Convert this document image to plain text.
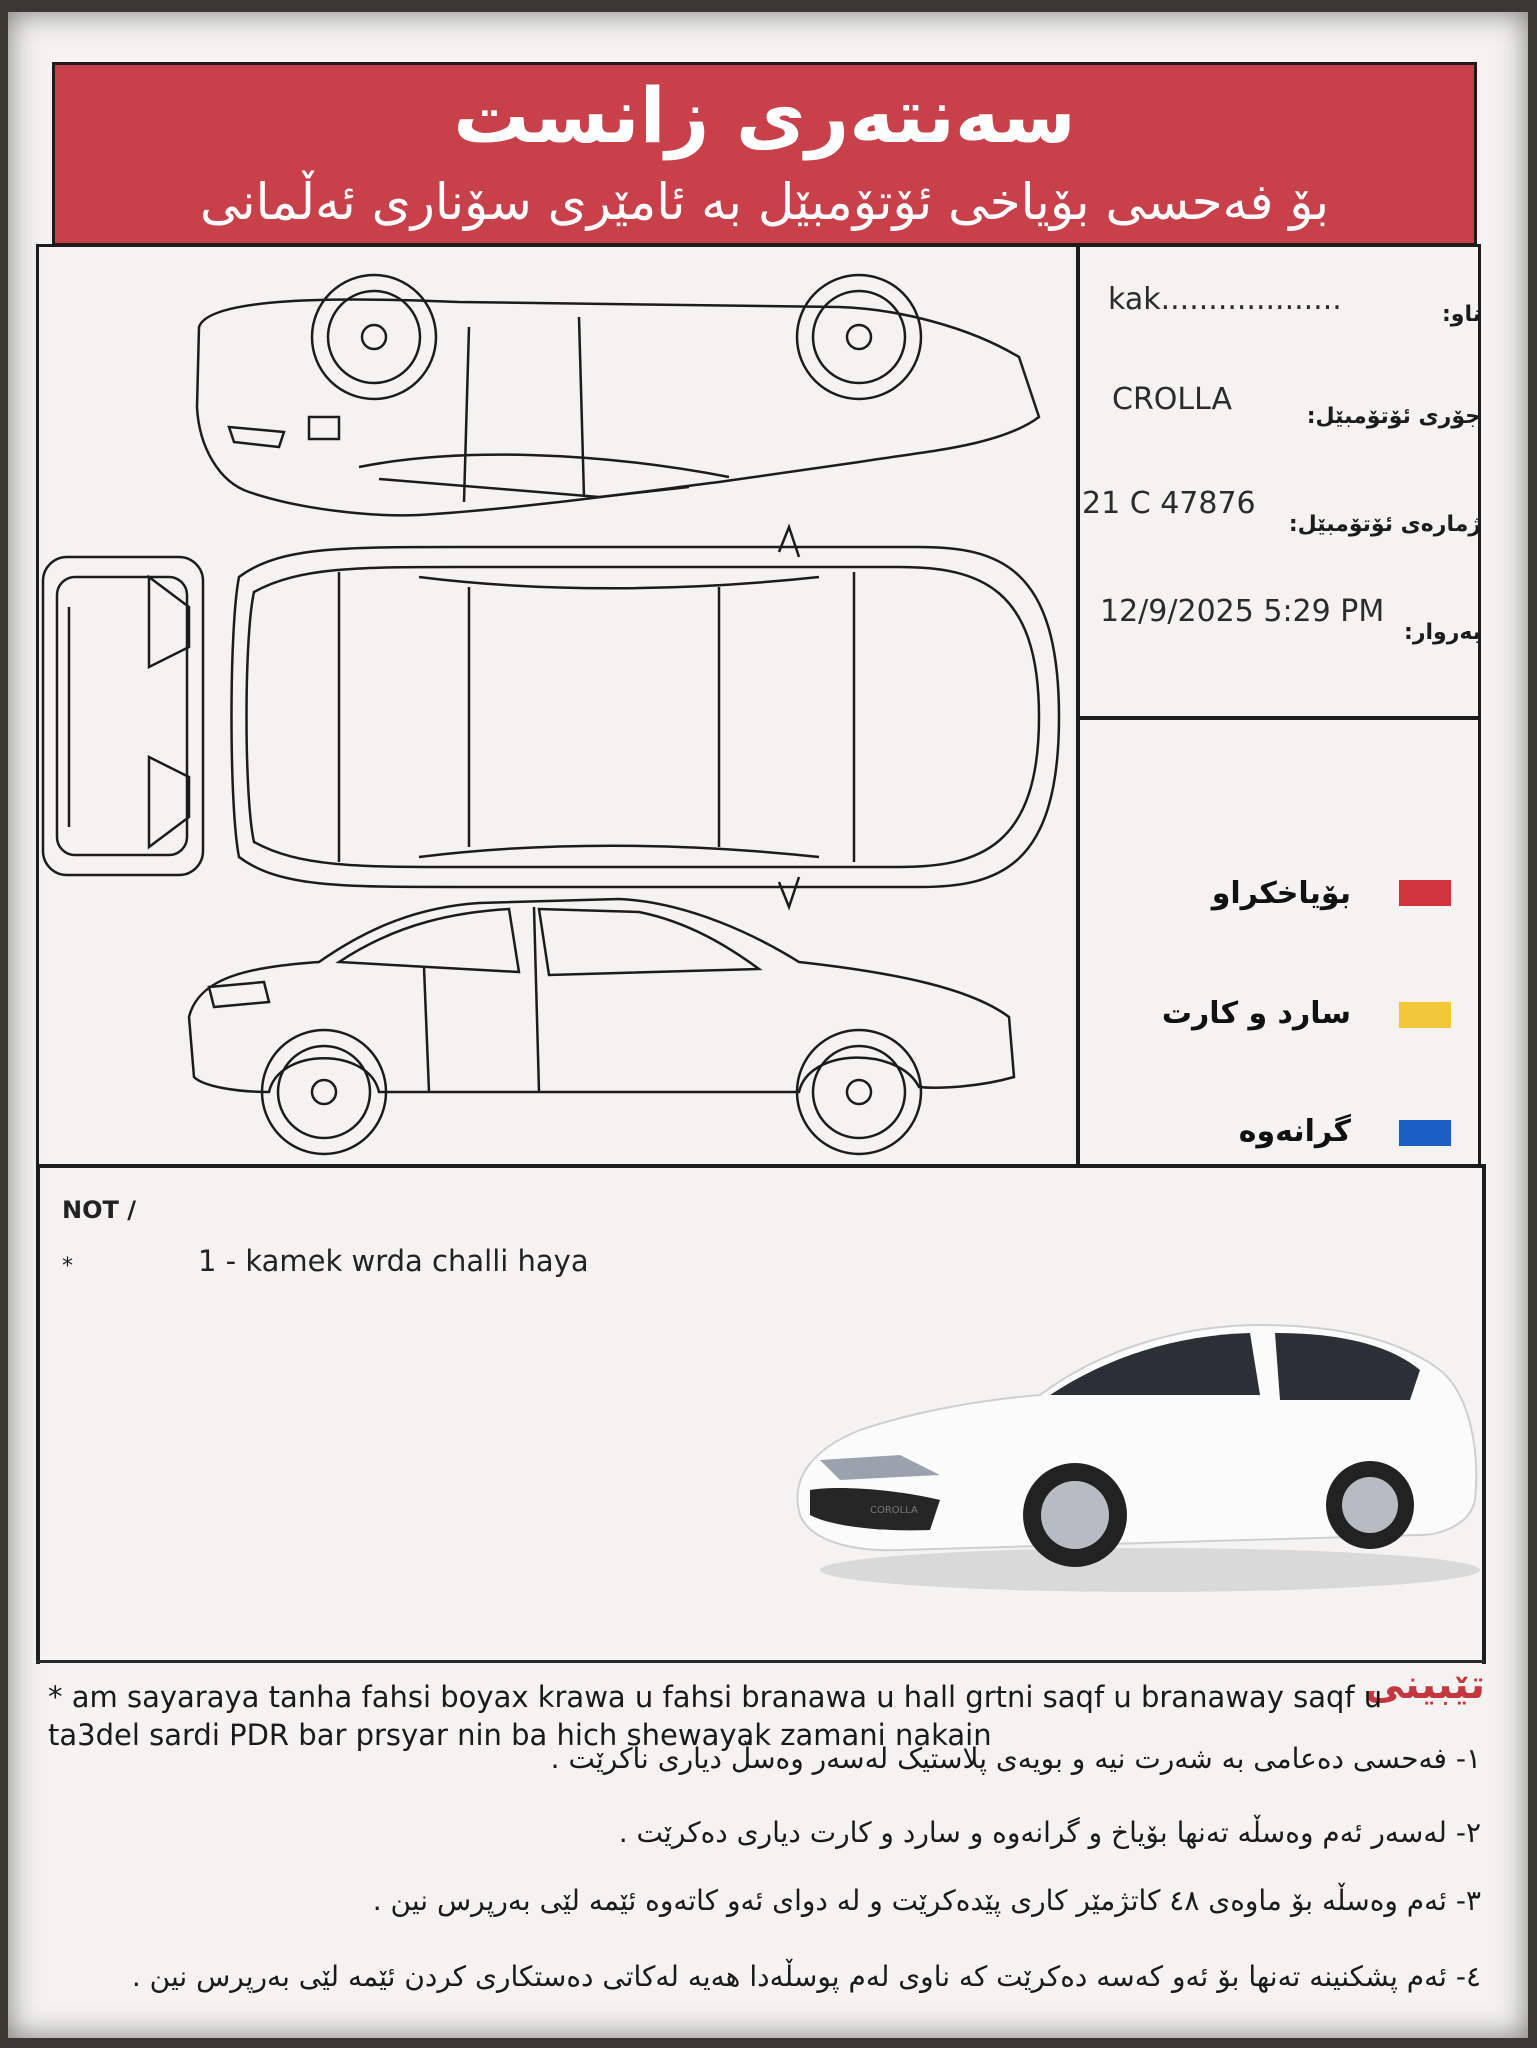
سەنتەری زانست
بۆ فەحسی بۆیاخی ئۆتۆمبێل بە ئامێری سۆناری ئەڵمانی
ناو:
kak...................
جۆری ئۆتۆمبێل:
CROLLA
ژمارەی ئۆتۆمبێل:
21 C 47876
بەروار:
12/9/2025 5:29 PM
بۆیاخکراو
سارد و کارت
گرانەوە
NOT /
*	1 - kamek wrda challi haya
COROLLA
تێبینی
* am sayaraya tanha fahsi boyax krawa u fahsi branawa u hall grtni saqf u branaway saqf u
ta3del sardi PDR bar prsyar nin ba hich shewayak zamani nakain
١- فەحسی دەعامی بە شەرت نیە و بویەی پلاستیک لەسەر وەسڵ دیاری ناکرێت .
٢- لەسەر ئەم وەسڵە تەنها بۆیاخ و گرانەوە و سارد و کارت دیاری دەکرێت .
٣- ئەم وەسڵە بۆ ماوەی ٤٨ کاتژمێر کاری پێدەکرێت و لە دوای ئەو کاتەوە ئێمە لێی بەرپرس نین .
٤- ئەم پشکنینە تەنها بۆ ئەو کەسە دەکرێت کە ناوی لەم پوسڵەدا هەیە لەکاتی دەستکاری کردن ئێمە لێی بەرپرس نین .
